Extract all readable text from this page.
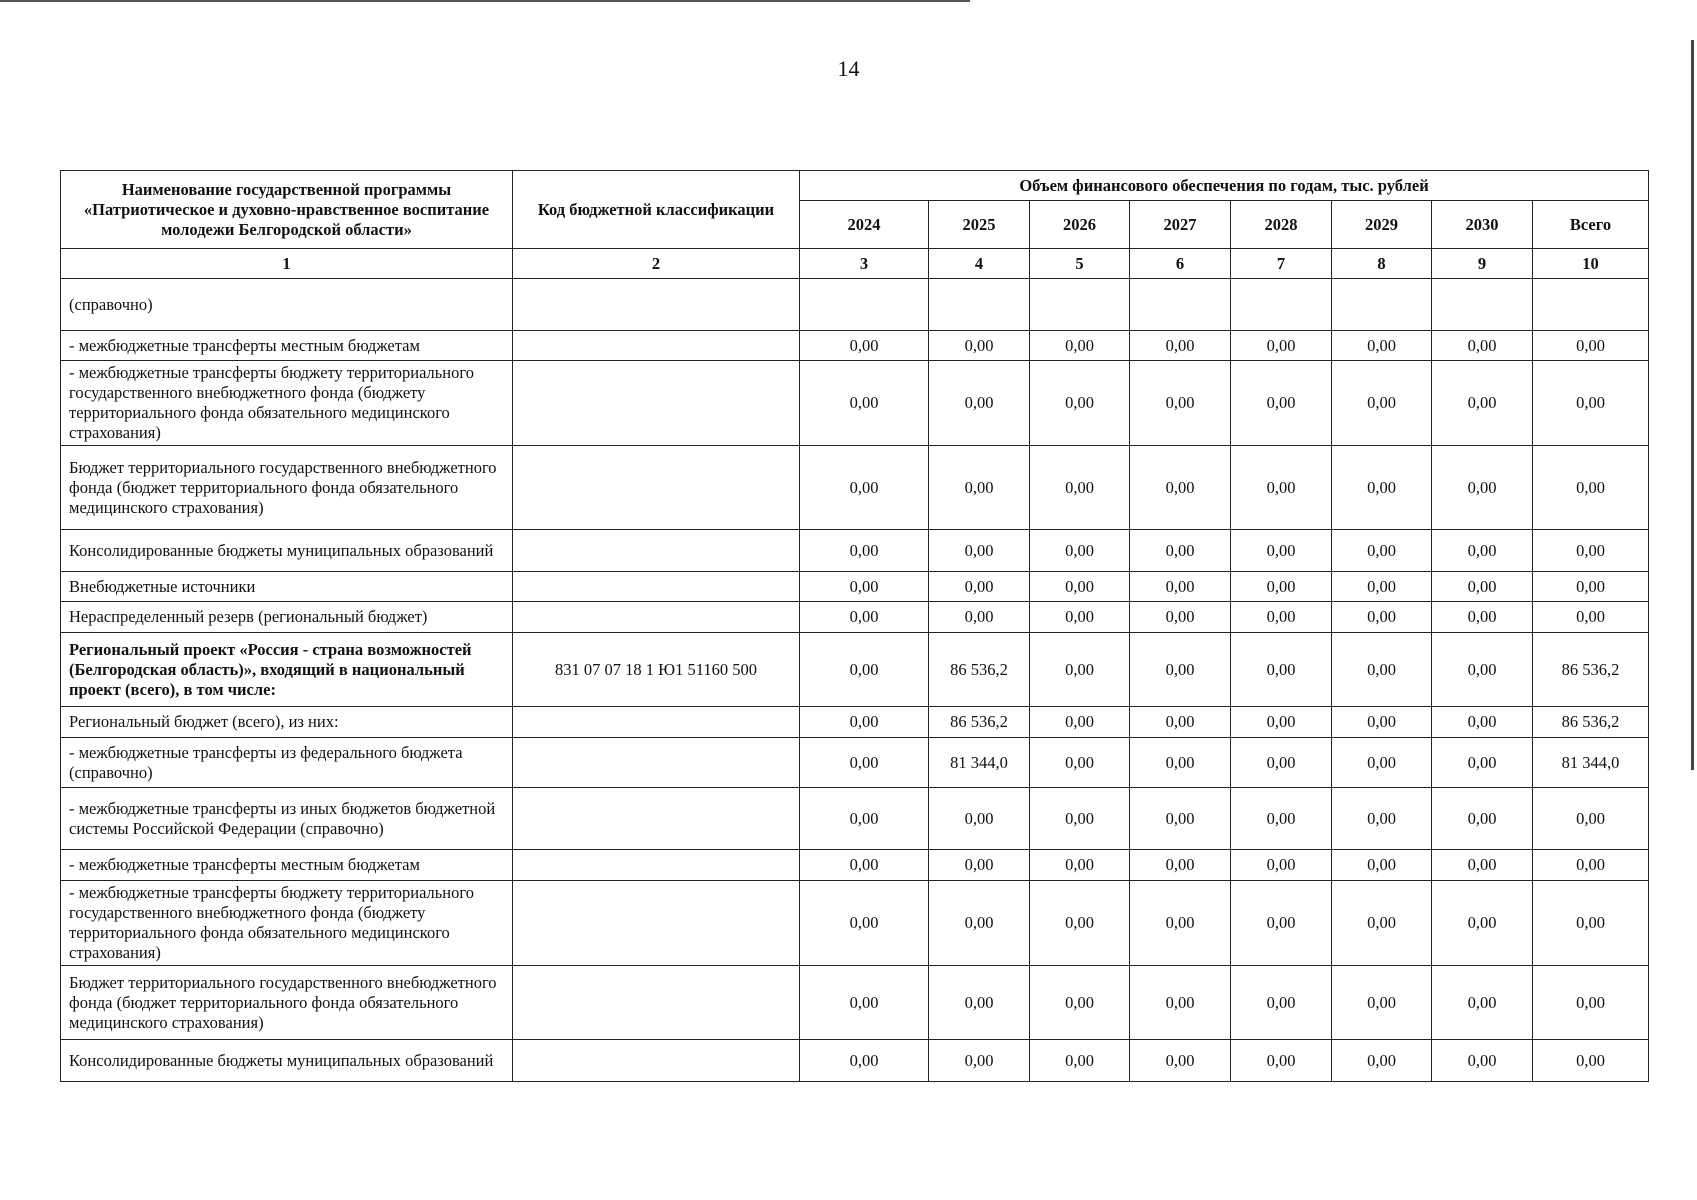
14
Наименование государственной программы «Патриотическое и духовно-нравственное воспитание молодежи Белгородской области»	Код бюджетной классификации	Объем финансового обеспечения по годам, тыс. рублей							
		2024	2025	2026	2027	2028	2029	2030	Всего
1	2	3	4	5	6	7	8	9	10
(справочно)									
- межбюджетные трансферты местным бюджетам		0,00	0,00	0,00	0,00	0,00	0,00	0,00	0,00
- межбюджетные трансферты бюджету территориального государственного внебюджетного фонда (бюджету территориального фонда обязательного медицинского страхования)		0,00	0,00	0,00	0,00	0,00	0,00	0,00	0,00
Бюджет территориального государственного внебюджетного фонда (бюджет территориального фонда обязательного медицинского страхования)		0,00	0,00	0,00	0,00	0,00	0,00	0,00	0,00
Консолидированные бюджеты муниципальных образований		0,00	0,00	0,00	0,00	0,00	0,00	0,00	0,00
Внебюджетные источники		0,00	0,00	0,00	0,00	0,00	0,00	0,00	0,00
Нераспределенный резерв (региональный бюджет)		0,00	0,00	0,00	0,00	0,00	0,00	0,00	0,00
Региональный проект «Россия - страна возможностей (Белгородская область)», входящий в национальный проект (всего), в том числе:	831 07 07 18 1 Ю1 51160 500	0,00	86 536,2	0,00	0,00	0,00	0,00	0,00	86 536,2
Региональный бюджет (всего), из них:		0,00	86 536,2	0,00	0,00	0,00	0,00	0,00	86 536,2
- межбюджетные трансферты из федерального бюджета (справочно)		0,00	81 344,0	0,00	0,00	0,00	0,00	0,00	81 344,0
- межбюджетные трансферты из иных бюджетов бюджетной системы Российской Федерации (справочно)		0,00	0,00	0,00	0,00	0,00	0,00	0,00	0,00
- межбюджетные трансферты местным бюджетам		0,00	0,00	0,00	0,00	0,00	0,00	0,00	0,00
- межбюджетные трансферты бюджету территориального государственного внебюджетного фонда (бюджету территориального фонда обязательного медицинского страхования)		0,00	0,00	0,00	0,00	0,00	0,00	0,00	0,00
Бюджет территориального государственного внебюджетного фонда (бюджет территориального фонда обязательного медицинского страхования)		0,00	0,00	0,00	0,00	0,00	0,00	0,00	0,00
Консолидированные бюджеты муниципальных образований		0,00	0,00	0,00	0,00	0,00	0,00	0,00	0,00
